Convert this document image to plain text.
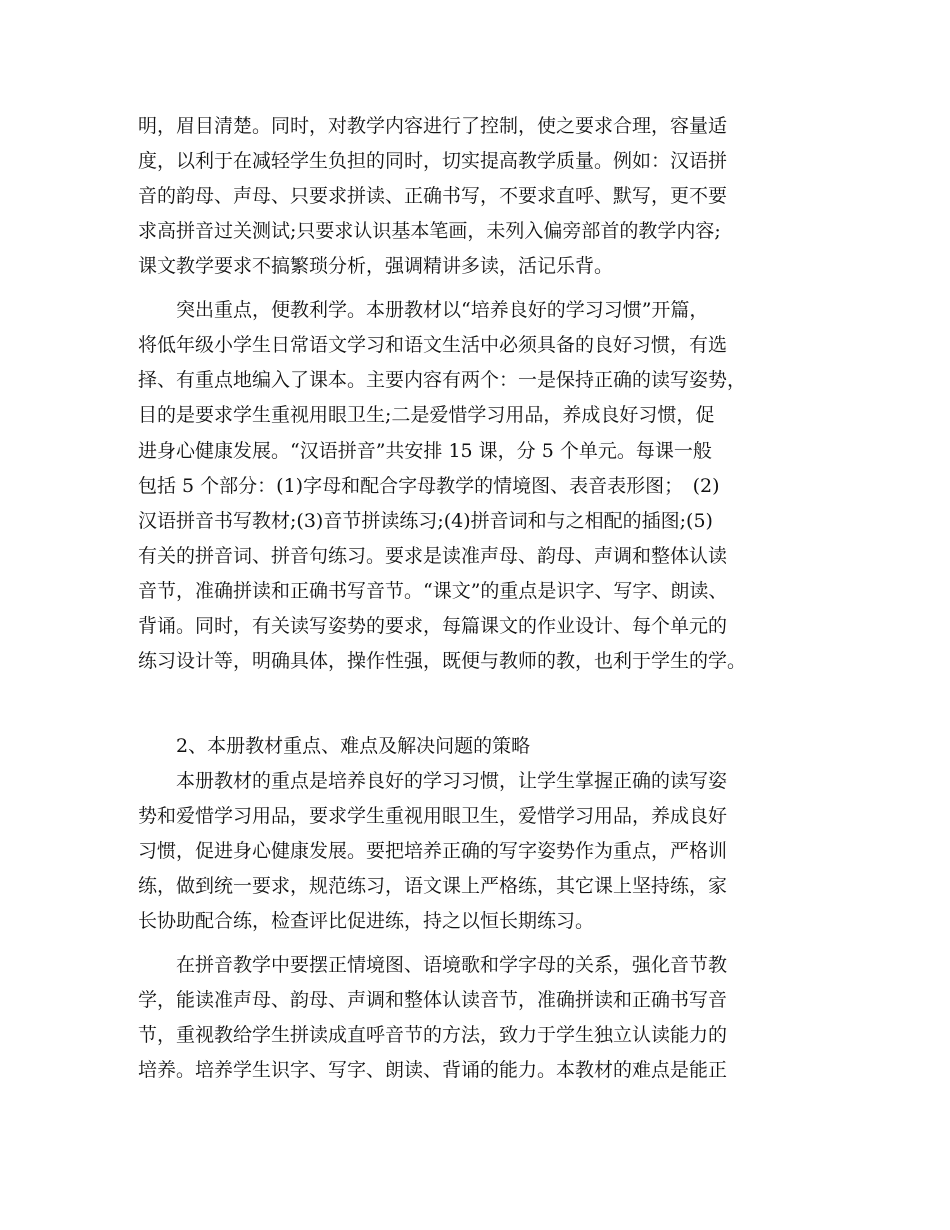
明，眉目清楚。同时，对教学内容进行了控制，使之要求合理，容量适
度，以利于在减轻学生负担的同时，切实提高教学质量。例如：汉语拼
音的韵母、声母、只要求拼读、正确书写，不要求直呼、默写，更不要
求高拼音过关测试;只要求认识基本笔画，未列入偏旁部首的教学内容;
课文教学要求不搞繁琐分析，强调精讲多读，活记乐背。
　　突出重点，便教利学。本册教材以“培养良好的学习习惯”开篇，
将低年级小学生日常语文学习和语文生活中必须具备的良好习惯，有选
择、有重点地编入了课本。主要内容有两个：一是保持正确的读写姿势，
目的是要求学生重视用眼卫生;二是爱惜学习用品，养成良好习惯，促
进身心健康发展。“汉语拼音”共安排 15 课，分 5 个单元。每课一般
包括 5 个部分：(1)字母和配合字母教学的情境图、表音表形图；　(2)
汉语拼音书写教材;(3)音节拼读练习;(4)拼音词和与之相配的插图;(5)
有关的拼音词、拼音句练习。要求是读准声母、韵母、声调和整体认读
音节，准确拼读和正确书写音节。“课文”的重点是识字、写字、朗读、
背诵。同时，有关读写姿势的要求，每篇课文的作业设计、每个单元的
练习设计等，明确具体，操作性强，既便与教师的教，也利于学生的学。
　　2、本册教材重点、难点及解决问题的策略
　　本册教材的重点是培养良好的学习习惯，让学生掌握正确的读写姿
势和爱惜学习用品，要求学生重视用眼卫生，爱惜学习用品，养成良好
习惯，促进身心健康发展。要把培养正确的写字姿势作为重点，严格训
练，做到统一要求，规范练习，语文课上严格练，其它课上坚持练，家
长协助配合练，检查评比促进练，持之以恒长期练习。
　　在拼音教学中要摆正情境图、语境歌和学字母的关系，强化音节教
学，能读准声母、韵母、声调和整体认读音节，准确拼读和正确书写音
节，重视教给学生拼读成直呼音节的方法，致力于学生独立认读能力的
培养。培养学生识字、写字、朗读、背诵的能力。本教材的难点是能正
